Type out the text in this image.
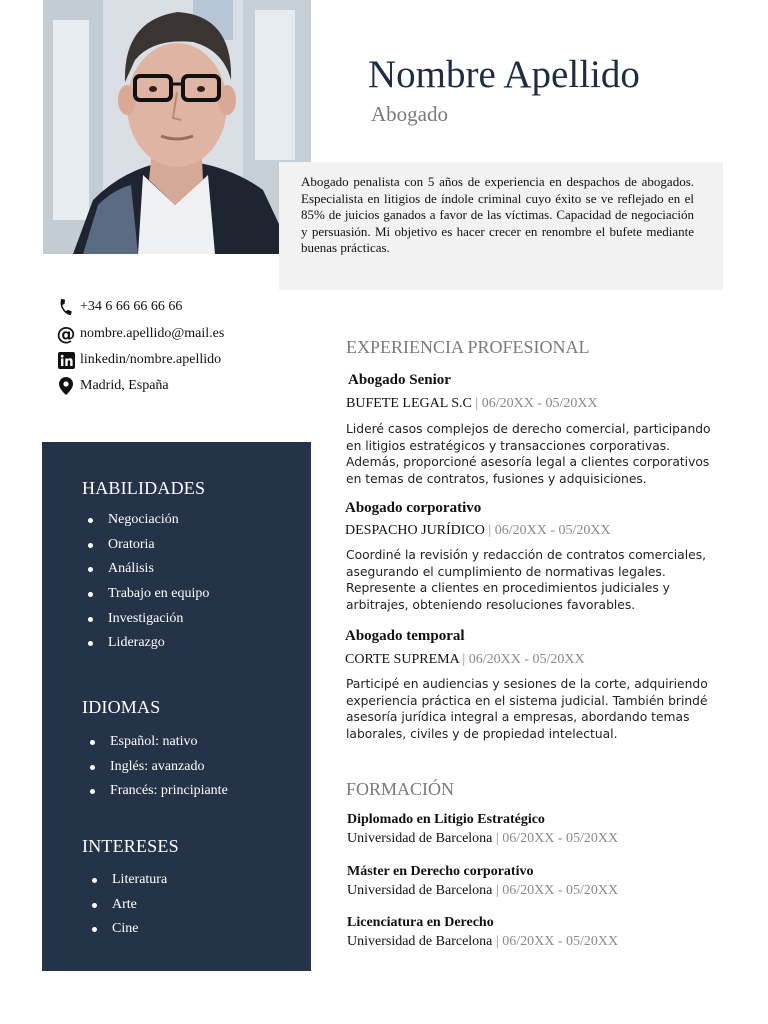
Nombre Apellido
Abogado

Abogado penalista con 5 años de experiencia en despachos de abogados. Especialista en litigios de índole criminal cuyo éxito se ve reflejado en el 85% de juicios ganados a favor de las víctimas. Capacidad de negociación y persuasión. Mi objetivo es hacer crecer en renombre el bufete mediante buenas prácticas.

+34 6 66 66 66 66
@ nombre.apellido@mail.es
linkedin/nombre.apellido
Madrid, España
HABILIDADES
Negociación
Oratoria
Análisis
Trabajo en equipo
Investigación
Liderazgo
IDIOMAS
Español: nativo
Inglés: avanzado
Francés: principiante
INTERESES
Literatura
Arte
Cine
EXPERIENCIA PROFESIONAL
Abogado Senior
BUFETE LEGAL S.C | 06/20XX - 05/20XX
Lideré casos complejos de derecho comercial, participando en litigios estratégicos y transacciones corporativas. Además, proporcioné asesoría legal a clientes corporativos en temas de contratos, fusiones y adquisiciones.
Abogado corporativo
DESPACHO JURÍDICO | 06/20XX - 05/20XX
Coordiné la revisión y redacción de contratos comerciales, asegurando el cumplimiento de normativas legales. Represente a clientes en procedimientos judiciales y arbitrajes, obteniendo resoluciones favorables.
Abogado temporal
CORTE SUPREMA | 06/20XX - 05/20XX
Participé en audiencias y sesiones de la corte, adquiriendo experiencia práctica en el sistema judicial. También brindé asesoría jurídica integral a empresas, abordando temas laborales, civiles y de propiedad intelectual.
FORMACIÓN
Diplomado en Litigio Estratégico
Universidad de Barcelona | 06/20XX - 05/20XX
Máster en Derecho corporativo
Universidad de Barcelona | 06/20XX - 05/20XX
Licenciatura en Derecho
Universidad de Barcelona | 06/20XX - 05/20XX
